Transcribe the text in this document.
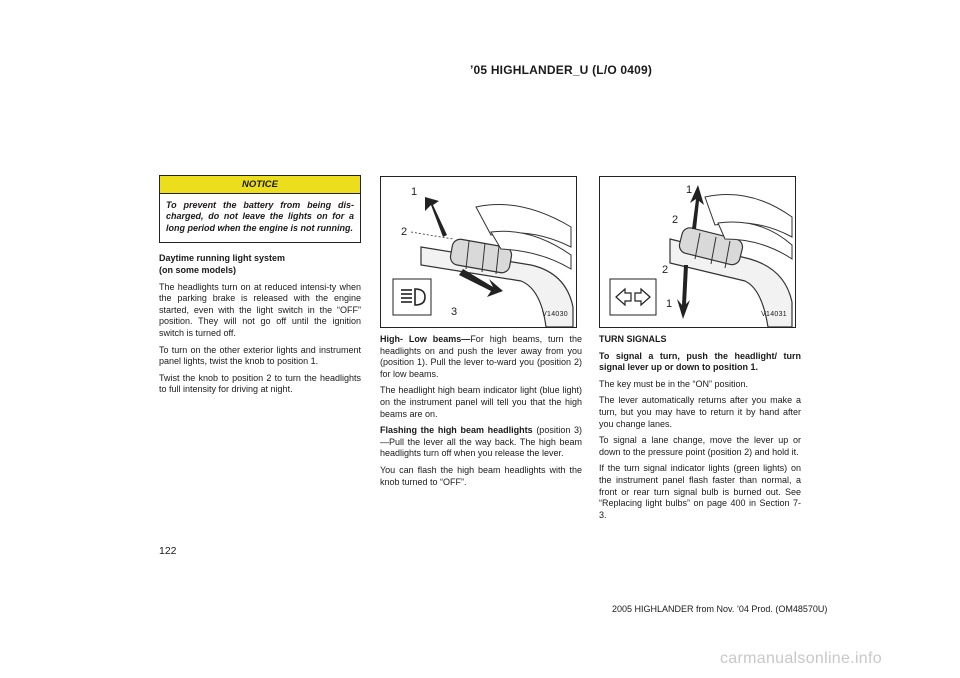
’05 HIGHLANDER_U (L/O 0409)
NOTICE
To prevent the battery from being dis-charged, do not leave the lights on for a long period when the engine is not running.
Daytime running light system
(on some models)

The headlights turn on at reduced intensi-ty when the parking brake is released with the engine started, even with the light switch in the “OFF” position. They will not go off until the ignition switch is turned off.

To turn on the other exterior lights and instrument panel lights, twist the knob to position 1.

Twist the knob to position 2 to turn the headlights to full intensity for driving at night.

1
2
3	V14030

High- Low beams—For high beams, turn the headlights on and push the lever away from you (position 1). Pull the lever to-ward you (position 2) for low beams.

The headlight high beam indicator light (blue light) on the instrument panel will tell you that the high beams are on.

Flashing the high beam headlights (position 3)—Pull the lever all the way back. The high beam headlights turn off when you release the lever.

You can flash the high beam headlights with the knob turned to “OFF”.

1
2
2
1
V14031
TURN SIGNALS

To signal a turn, push the headlight/ turn signal lever up or down to position 1.

The key must be in the “ON” position.

The lever automatically returns after you make a turn, but you may have to return it by hand after you change lanes.

To signal a lane change, move the lever up or down to the pressure point (position 2) and hold it.

If the turn signal indicator lights (green lights) on the instrument panel flash faster than normal, a front or rear turn signal bulb is burned out. See “Replacing light bulbs” on page 400 in Section 7- 3.

122
2005 HIGHLANDER from Nov. ’04 Prod. (OM48570U)
carmanualsonline.info
